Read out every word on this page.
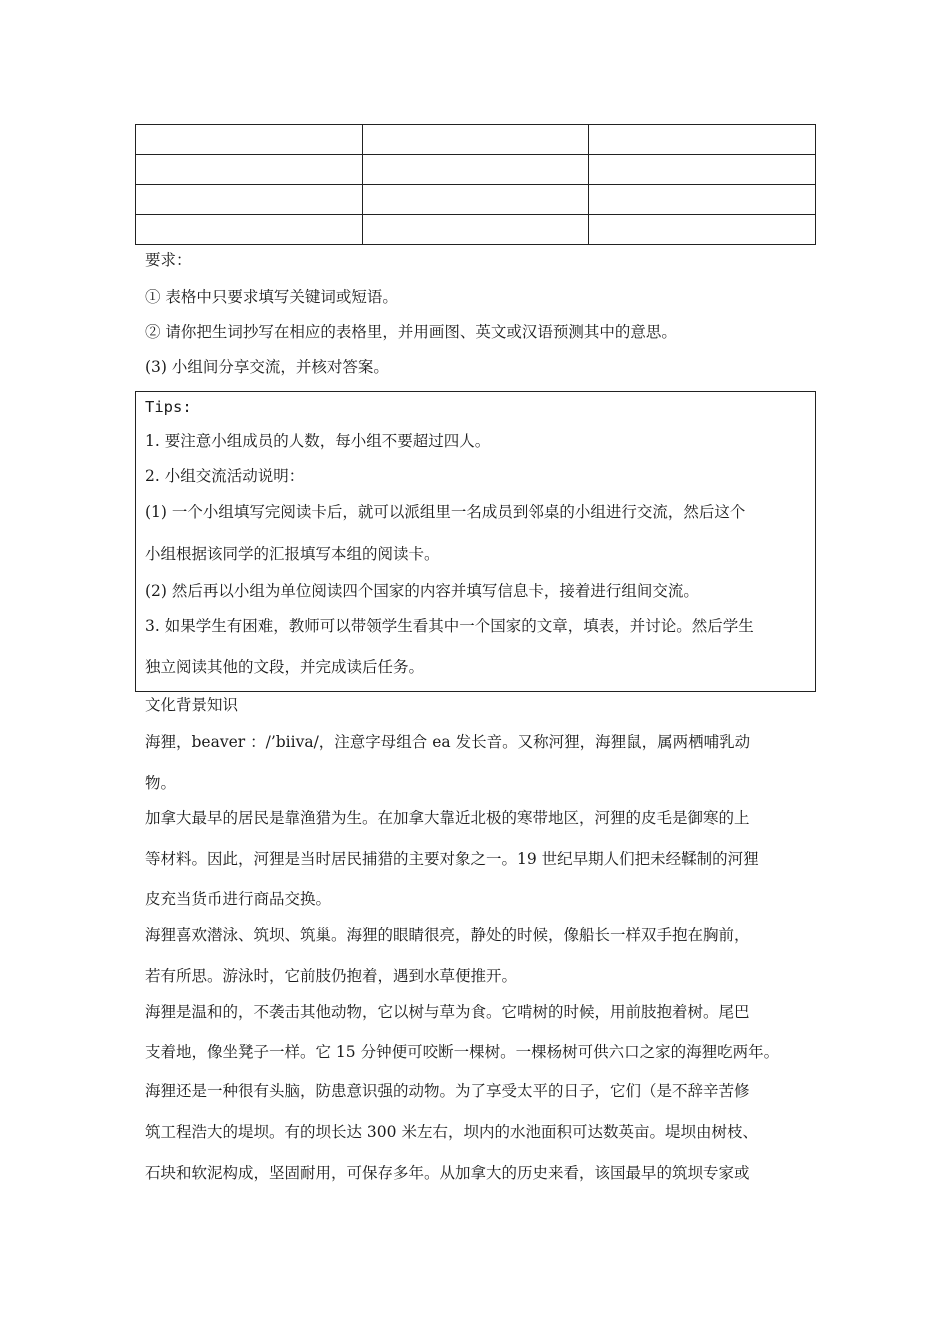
要求：
① 表格中只要求填写关键词或短语。
② 请你把生词抄写在相应的表格里，并用画图、英文或汉语预测其中的意思。
(3) 小组间分享交流，并核对答案。
Tips:
1. 要注意小组成员的人数，每小组不要超过四人。
2. 小组交流活动说明：
(1) 一个小组填写完阅读卡后，就可以派组里一名成员到邻桌的小组进行交流，然后这个
小组根据该同学的汇报填写本组的阅读卡。
(2) 然后再以小组为单位阅读四个国家的内容并填写信息卡，接着进行组间交流。
3. 如果学生有困难，教师可以带领学生看其中一个国家的文章，填表，并讨论。然后学生
独立阅读其他的文段，并完成读后任务。
文化背景知识
海狸，beaver ：/’biiva/，注意字母组合 ea 发长音。又称河狸，海狸鼠，属两栖哺乳动
物。
加拿大最早的居民是靠渔猎为生。在加拿大靠近北极的寒带地区，河狸的皮毛是御寒的上
等材料。因此，河狸是当时居民捕猎的主要对象之一。19 世纪早期人们把未经鞣制的河狸
皮充当货币进行商品交换。
海狸喜欢潜泳、筑坝、筑巢。海狸的眼睛很亮，静处的时候，像船长一样双手抱在胸前，
若有所思。游泳时，它前肢仍抱着，遇到水草便推开。
海狸是温和的，不袭击其他动物，它以树与草为食。它啃树的时候，用前肢抱着树。尾巴
支着地，像坐凳子一样。它 15 分钟便可咬断一棵树。一棵杨树可供六口之家的海狸吃两年。
海狸还是一种很有头脑，防患意识强的动物。为了享受太平的日子，它们（是不辞辛苦修
筑工程浩大的堤坝。有的坝长达 300 米左右，坝内的水池面积可达数英亩。堤坝由树枝、
石块和软泥构成，坚固耐用，可保存多年。从加拿大的历史来看，该国最早的筑坝专家或
